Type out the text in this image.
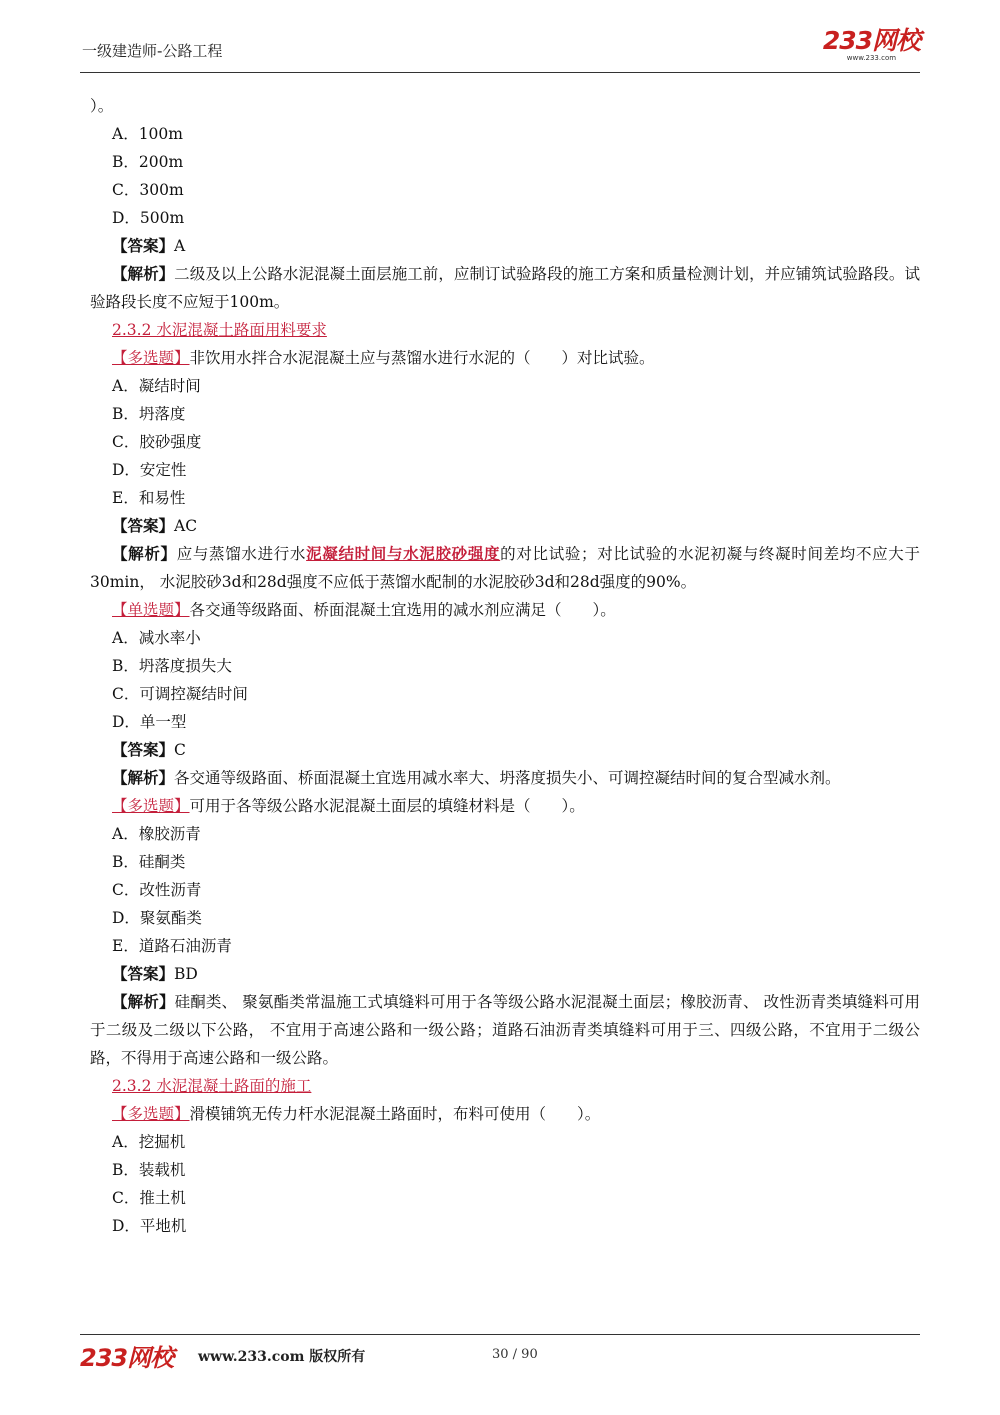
一级建造师-公路工程	233网校
www.233.com
）。
A．100m
B．200m
C．300m
D．500m
【答案】A
【解析】二级及以上公路水泥混凝土面层施工前，应制订试验路段的施工方案和质量检测计划，并应铺筑试验路段。试验路段长度不应短于100m。
2.3.2 水泥混凝土路面用料要求
【多选题】非饮用水拌合水泥混凝土应与蒸馏水进行水泥的（　　）对比试验。
A．凝结时间
B．坍落度
C．胶砂强度
D．安定性
E．和易性
【答案】AC
【解析】应与蒸馏水进行水泥凝结时间与水泥胶砂强度的对比试验；对比试验的水泥初凝与终凝时间差均不应大于30min， 水泥胶砂3d和28d强度不应低于蒸馏水配制的水泥胶砂3d和28d强度的90%。
【单选题】各交通等级路面、桥面混凝土宜选用的减水剂应满足（　　）。
A．减水率小
B．坍落度损失大
C．可调控凝结时间
D．单一型
【答案】C
【解析】各交通等级路面、桥面混凝土宜选用减水率大、坍落度损失小、可调控凝结时间的复合型减水剂。
【多选题】可用于各等级公路水泥混凝土面层的填缝材料是（　　）。
A．橡胶沥青
B．硅酮类
C．改性沥青
D．聚氨酯类
E．道路石油沥青
【答案】BD
【解析】硅酮类、 聚氨酯类常温施工式填缝料可用于各等级公路水泥混凝土面层；橡胶沥青、 改性沥青类填缝料可用于二级及二级以下公路， 不宜用于高速公路和一级公路；道路石油沥青类填缝料可用于三、四级公路，不宜用于二级公路，不得用于高速公路和一级公路。
2.3.2 水泥混凝土路面的施工
【多选题】滑模铺筑无传力杆水泥混凝土路面时，布料可使用（　　）。
A．挖掘机
B．装载机
C．推土机
D．平地机
233网校 www.233.com 版权所有	30 / 90
